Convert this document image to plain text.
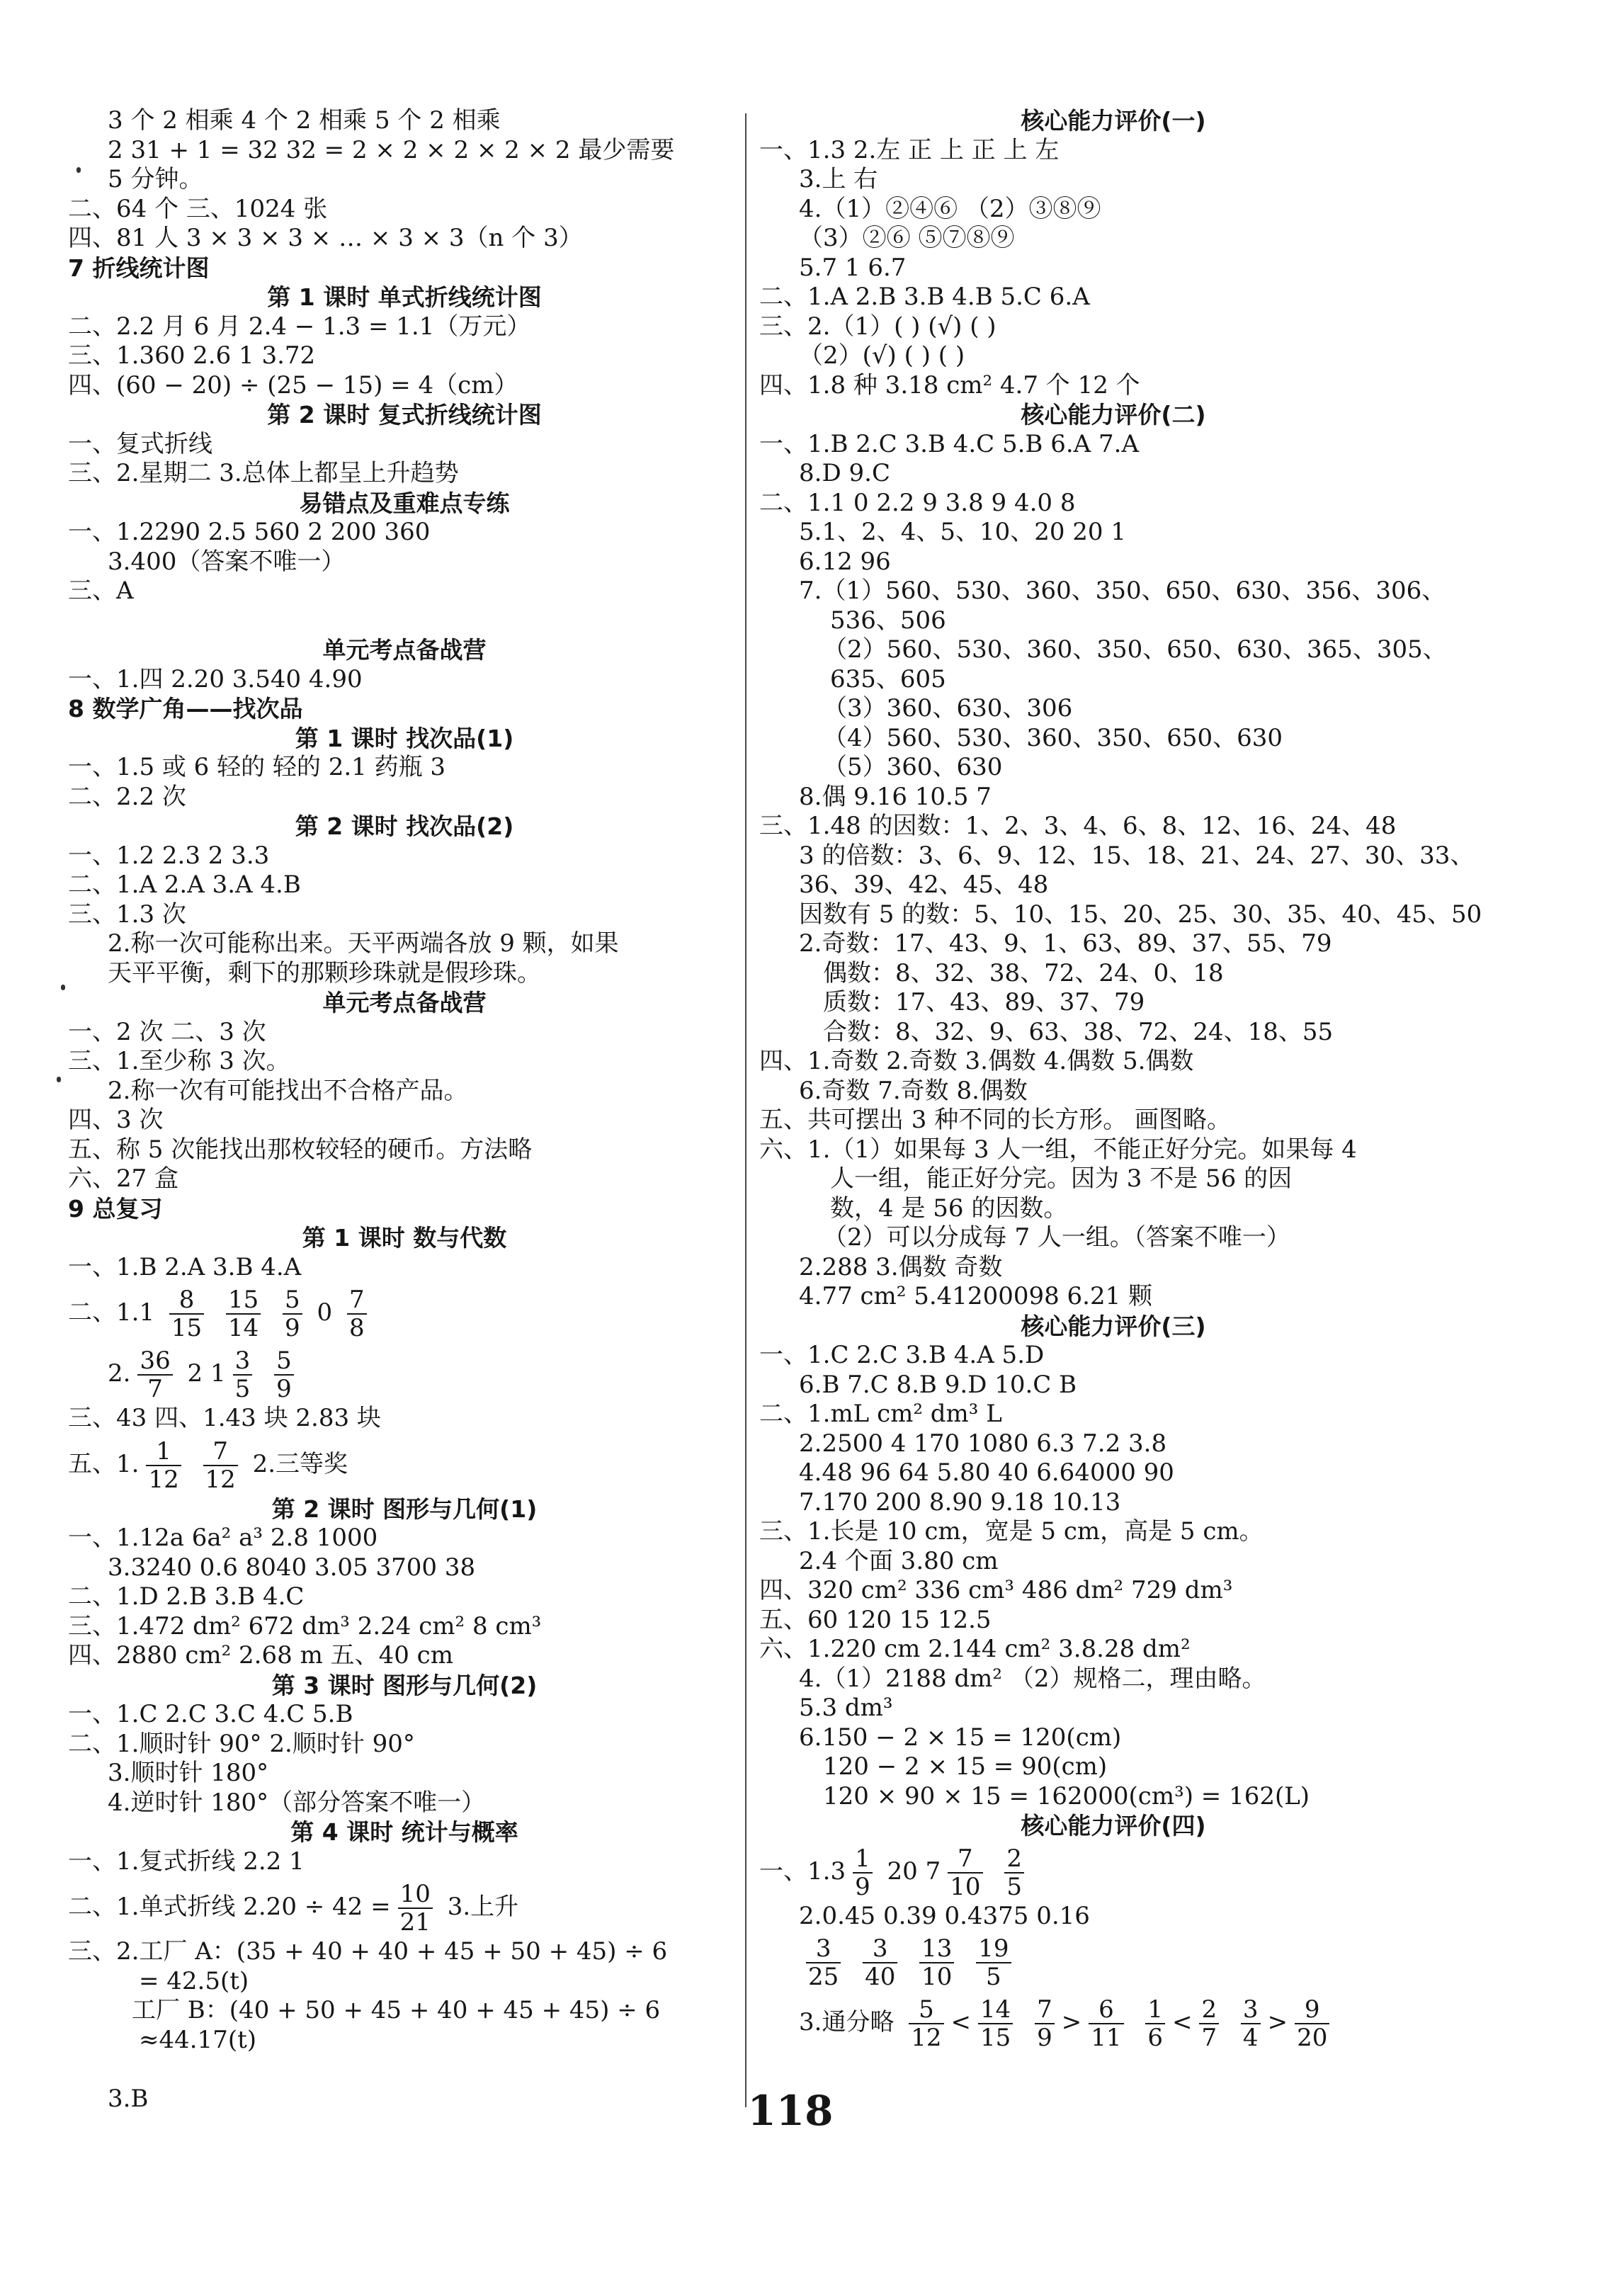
3 个 2 相乘 4 个 2 相乘 5 个 2 相乘
2 31 + 1 = 32 32 = 2 × 2 × 2 × 2 × 2 最少需要
5 分钟。
二、64 个 三、1024 张
四、81 人 3 × 3 × 3 × … × 3 × 3（n 个 3）
7 折线统计图
第 1 课时 单式折线统计图
二、2.2 月 6 月 2.4 − 1.3 = 1.1（万元）
三、1.360 2.6 1 3.72
四、(60 − 20) ÷ (25 − 15) = 4（cm）
第 2 课时 复式折线统计图
一、复式折线
三、2.星期二 3.总体上都呈上升趋势
易错点及重难点专练
一、1.2290 2.5 560 2 200 360
3.400（答案不唯一）
三、A
单元考点备战营
一、1.四 2.20 3.540 4.90
8 数学广角——找次品
第 1 课时 找次品(1)
一、1.5 或 6 轻的 轻的 2.1 药瓶 3
二、2.2 次
第 2 课时 找次品(2)
一、1.2 2.3 2 3.3
二、1.A 2.A 3.A 4.B
三、1.3 次
2.称一次可能称出来。天平两端各放 9 颗，如果
天平平衡，剩下的那颗珍珠就是假珍珠。
单元考点备战营
一、2 次 二、3 次
三、1.至少称 3 次。
2.称一次有可能找出不合格产品。
四、3 次
五、称 5 次能找出那枚较轻的硬币。方法略
六、27 盒
9 总复习
第 1 课时 数与代数
一、1.B 2.A 3.B 4.A
二、$1.1 \frac{8}{15}$
$\frac{15}{14}$
$\frac{5}{9} 0 \frac{7}{8}$
2. $\frac{36}{7} 2$ $1 \frac{3}{5}$
$\frac{5}{9}$
三、43 四、1.43 块 2.83 块
五、1. $\frac{1}{12}$
$\frac{7}{12} 2$.三等奖
第 2 课时 图形与几何(1)
一、1.12a 6a² a³ 2.8 1000
3.3240 0.6 8040 3.05 3700 38
二、1.D 2.B 3.B 4.C
三、1.472 dm² 672 dm³ 2.24 cm² 8 cm³
四、2880 cm² 2.68 m 五、40 cm
第 3 课时 图形与几何(2)
一、1.C 2.C 3.C 4.C 5.B
二、1.顺时针 90° 2.顺时针 90°
3.顺时针 180°
4.逆时针 180°（部分答案不唯一）
第 4 课时 统计与概率
一、1.复式折线 2.2 1
二、1.单式折线 $2.20 \div 42 = \frac{10}{21} 3$.上升
三、2.工厂 A：(35 + 40 + 40 + 45 + 50 + 45) ÷ 6
= 42.5(t)
工厂 B：(40 + 50 + 45 + 40 + 45 + 45) ÷ 6
≈44.17(t)
3.B
核心能力评价(一)
一、1.3 2.左 正 上 正 上 左
3.上 右
4.（1）②④⑥ （2）③⑧⑨
（3）②⑥ ⑤⑦⑧⑨
5.7 1 6.7
二、1.A 2.B 3.B 4.B 5.C 6.A
三、2.（1）( ) (√) ( )
（2）(√) ( ) ( )
四、1.8 种 3.18 cm² 4.7 个 12 个
核心能力评价(二)
一、1.B 2.C 3.B 4.C 5.B 6.A 7.A
8.D 9.C
二、1.1 0 2.2 9 3.8 9 4.0 8
5.1、2、4、5、10、20 20 1
6.12 96
7.（1）560、530、360、350、650、630、356、306、
536、506
（2）560、530、360、350、650、630、365、305、
635、605
（3）360、630、306
（4）560、530、360、350、650、630
（5）360、630
8.偶 9.16 10.5 7
三、1.48 的因数：1、2、3、4、6、8、12、16、24、48
3 的倍数：3、6、9、12、15、18、21、24、27、30、33、
36、39、42、45、48
因数有 5 的数：5、10、15、20、25、30、35、40、45、50
2.奇数：17、43、9、1、63、89、37、55、79
偶数：8、32、38、72、24、0、18
质数：17、43、89、37、79
合数：8、32、9、63、38、72、24、18、55
四、1.奇数 2.奇数 3.偶数 4.偶数 5.偶数
6.奇数 7.奇数 8.偶数
五、共可摆出 3 种不同的长方形。 画图略。
六、1.（1）如果每 3 人一组，不能正好分完。如果每 4
人一组，能正好分完。因为 3 不是 56 的因
数，4 是 56 的因数。
（2）可以分成每 7 人一组。（答案不唯一）
2.288 3.偶数 奇数
4.77 cm² 5.41200098 6.21 颗
核心能力评价(三)
一、1.C 2.C 3.B 4.A 5.D
6.B 7.C 8.B 9.D 10.C B
二、1.mL cm² dm³ L
2.2500 4 170 1080 6.3 7.2 3.8
4.48 96 64 5.80 40 6.64000 90
7.170 200 8.90 9.18 10.13
三、1.长是 10 cm，宽是 5 cm，高是 5 cm。
2.4 个面 3.80 cm
四、320 cm² 336 cm³ 486 dm² 729 dm³
五、60 120 15 12.5
六、1.220 cm 2.144 cm² 3.8.28 dm²
4.（1）2188 dm² （2）规格二，理由略。
5.3 dm³
6.150 − 2 × 15 = 120(cm)
120 − 2 × 15 = 90(cm)
120 × 90 × 15 = 162000(cm³) = 162(L)
核心能力评价(四)
一、$1.3 \frac{1}{9} 20$ $7 \frac{7}{10}$
$\frac{2}{5}$
2.0.45 0.39 0.4375 0.16
$\frac{3}{25}$
$\frac{3}{40}$
$\frac{13}{10}$
$\frac{19}{5}$
3.通分略 $\frac{5}{12} < \frac{14}{15}$
$\frac{7}{9} > \frac{6}{11}$
$\frac{1}{6} < \frac{2}{7}$
$\frac{3}{4} > \frac{9}{20}$
118
